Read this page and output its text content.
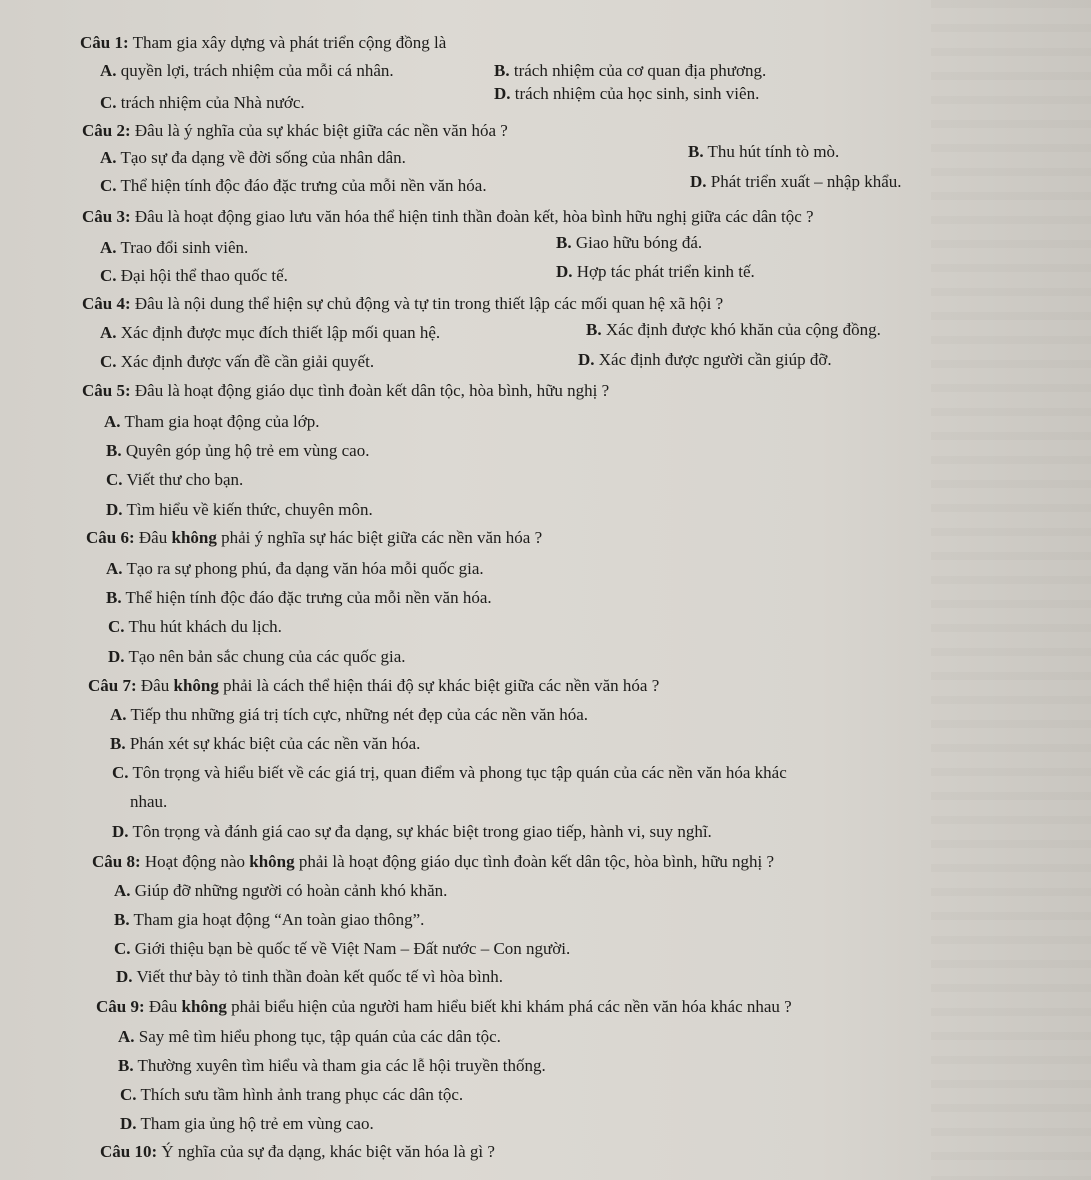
Câu 1: Tham gia xây dựng và phát triển cộng đồng là
A. quyền lợi, trách nhiệm của mỗi cá nhân.	B. trách nhiệm của cơ quan địa phương.
C. trách nhiệm của Nhà nước.	D. trách nhiệm của học sinh, sinh viên.
Câu 2: Đâu là ý nghĩa của sự khác biệt giữa các nền văn hóa ?
A. Tạo sự đa dạng về đời sống của nhân dân.	B. Thu hút tính tò mò.
C. Thể hiện tính độc đáo đặc trưng của mỗi nền văn hóa.	D. Phát triển xuất – nhập khẩu.
Câu 3: Đâu là hoạt động giao lưu văn hóa thể hiện tinh thần đoàn kết, hòa bình hữu nghị giữa các dân tộc ?
A. Trao đổi sinh viên.	B. Giao hữu bóng đá.
C. Đại hội thể thao quốc tế.	D. Hợp tác phát triển kinh tế.
Câu 4: Đâu là nội dung thể hiện sự chủ động và tự tin trong thiết lập các mối quan hệ xã hội ?
A. Xác định được mục đích thiết lập mối quan hệ.	B. Xác định được khó khăn của cộng đồng.
C. Xác định được vấn đề cần giải quyết.	D. Xác định được người cần giúp đỡ.
Câu 5: Đâu là hoạt động giáo dục tình đoàn kết dân tộc, hòa bình, hữu nghị ?
A. Tham gia hoạt động của lớp.
B. Quyên góp ủng hộ trẻ em vùng cao.
C. Viết thư cho bạn.
D. Tìm hiểu về kiến thức, chuyên môn.
Câu 6: Đâu không phải ý nghĩa sự hác biệt giữa các nền văn hóa ?
A. Tạo ra sự phong phú, đa dạng văn hóa mỗi quốc gia.
B. Thể hiện tính độc đáo đặc trưng của mỗi nền văn hóa.
C. Thu hút khách du lịch.
D. Tạo nên bản sắc chung của các quốc gia.
Câu 7: Đâu không phải là cách thể hiện thái độ sự khác biệt giữa các nền văn hóa ?
A. Tiếp thu những giá trị tích cực, những nét đẹp của các nền văn hóa.
B. Phán xét sự khác biệt của các nền văn hóa.
C. Tôn trọng và hiểu biết về các giá trị, quan điểm và phong tục tập quán của các nền văn hóa khác
nhau.
D. Tôn trọng và đánh giá cao sự đa dạng, sự khác biệt trong giao tiếp, hành vi, suy nghĩ.
Câu 8: Hoạt động nào không phải là hoạt động giáo dục tình đoàn kết dân tộc, hòa bình, hữu nghị ?
A. Giúp đỡ những người có hoàn cảnh khó khăn.
B. Tham gia hoạt động “An toàn giao thông”.
C. Giới thiệu bạn bè quốc tế về Việt Nam – Đất nước – Con người.
D. Viết thư bày tỏ tinh thần đoàn kết quốc tế vì hòa bình.
Câu 9: Đâu không phải biểu hiện của người ham hiểu biết khi khám phá các nền văn hóa khác nhau ?
A. Say mê tìm hiểu phong tục, tập quán của các dân tộc.
B. Thường xuyên tìm hiểu và tham gia các lễ hội truyền thống.
C. Thích sưu tầm hình ảnh trang phục các dân tộc.
D. Tham gia ủng hộ trẻ em vùng cao.
Câu 10: Ý nghĩa của sự đa dạng, khác biệt văn hóa là gì ?
